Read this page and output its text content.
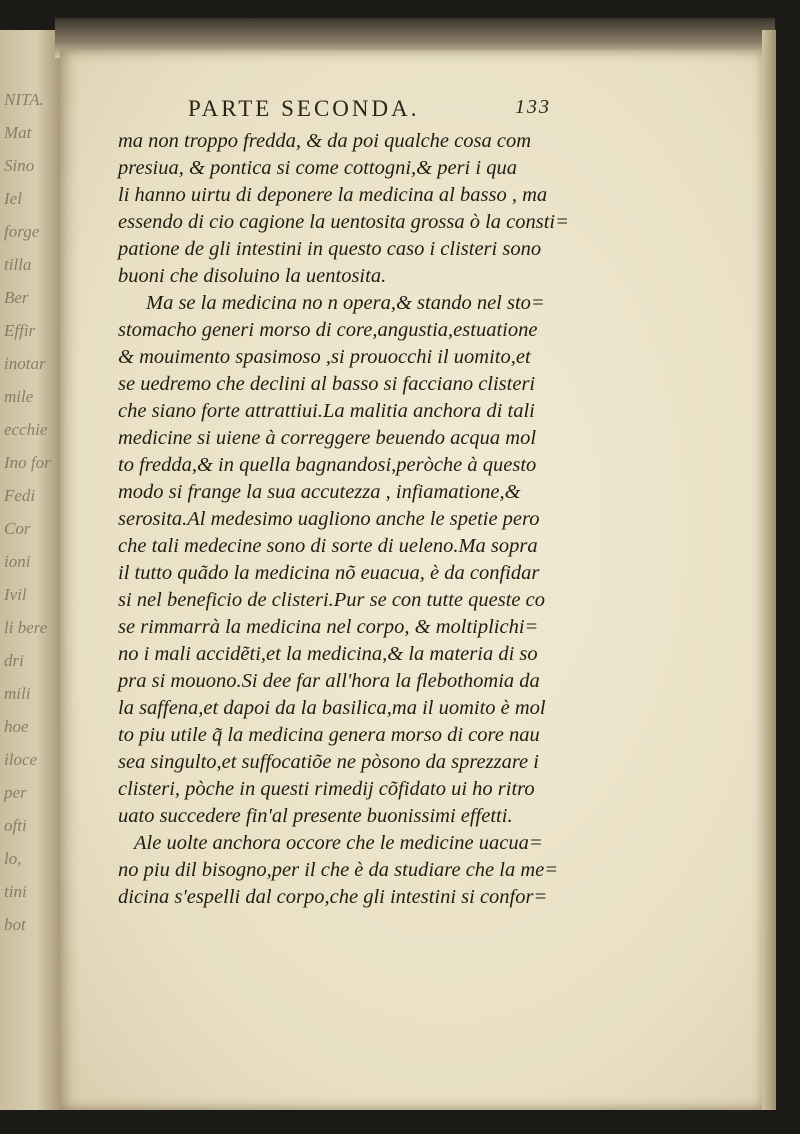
NITA.
Mat
Sino
Iel
forge
tilla
Ber
Effir
inotar
mile
ecchie
Ino for
Fedi
Cor
ioni
Ivil
li bere
dri
mili
hoe
iloce
per
ofti
lo,
tini
bot
PARTE SECONDA.	133
ma non troppo fredda, & da poi qualche cosa com
presiua, & pontica si come cottogni,& peri i qua
li hanno uirtu di deponere la medicina al basso , ma
essendo di cio cagione la uentosita grossa ò la consti=
patione de gli intestini in questo caso i clisteri sono
buoni che disoluino la uentosita.
Ma se la medicina no n opera,& stando nel sto=
stomacho generi morso di core,angustia,estuatione
& mouimento spasimoso ,si prouocchi il uomito,et
se uedremo che declini al basso si facciano clisteri
che siano forte attrattiui.La malitia anchora di tali
medicine si uiene à correggere beuendo acqua mol
to fredda,& in quella bagnandosi,peròche à questo
modo si frange la sua accutezza , infiamatione,&
serosita.Al medesimo uagliono anche le spetie pero
che tali medecine sono di sorte di ueleno.Ma sopra
il tutto quãdo la medicina nõ euacua, è da confidar
si nel beneficio de clisteri.Pur se con tutte queste co
se rimmarrà la medicina nel corpo, & moltiplichi=
no i mali accidẽti,et la medicina,& la materia di so
pra si mouono.Si dee far all'hora la flebothomia da
la saffena,et dapoi da la basilica,ma il uomito è mol
to piu utile q̃ la medicina genera morso di core nau
sea singulto,et suffocatiõe ne pòsono da sprezzare i
clisteri, pòche in questi rimedij cõfidato ui ho ritro
uato succedere fin'al presente buonissimi effetti.
Ale uolte anchora occore che le medicine uacua=
no piu dil bisogno,per il che è da studiare che la me=
dicina s'espelli dal corpo,che gli intestini si confor=
